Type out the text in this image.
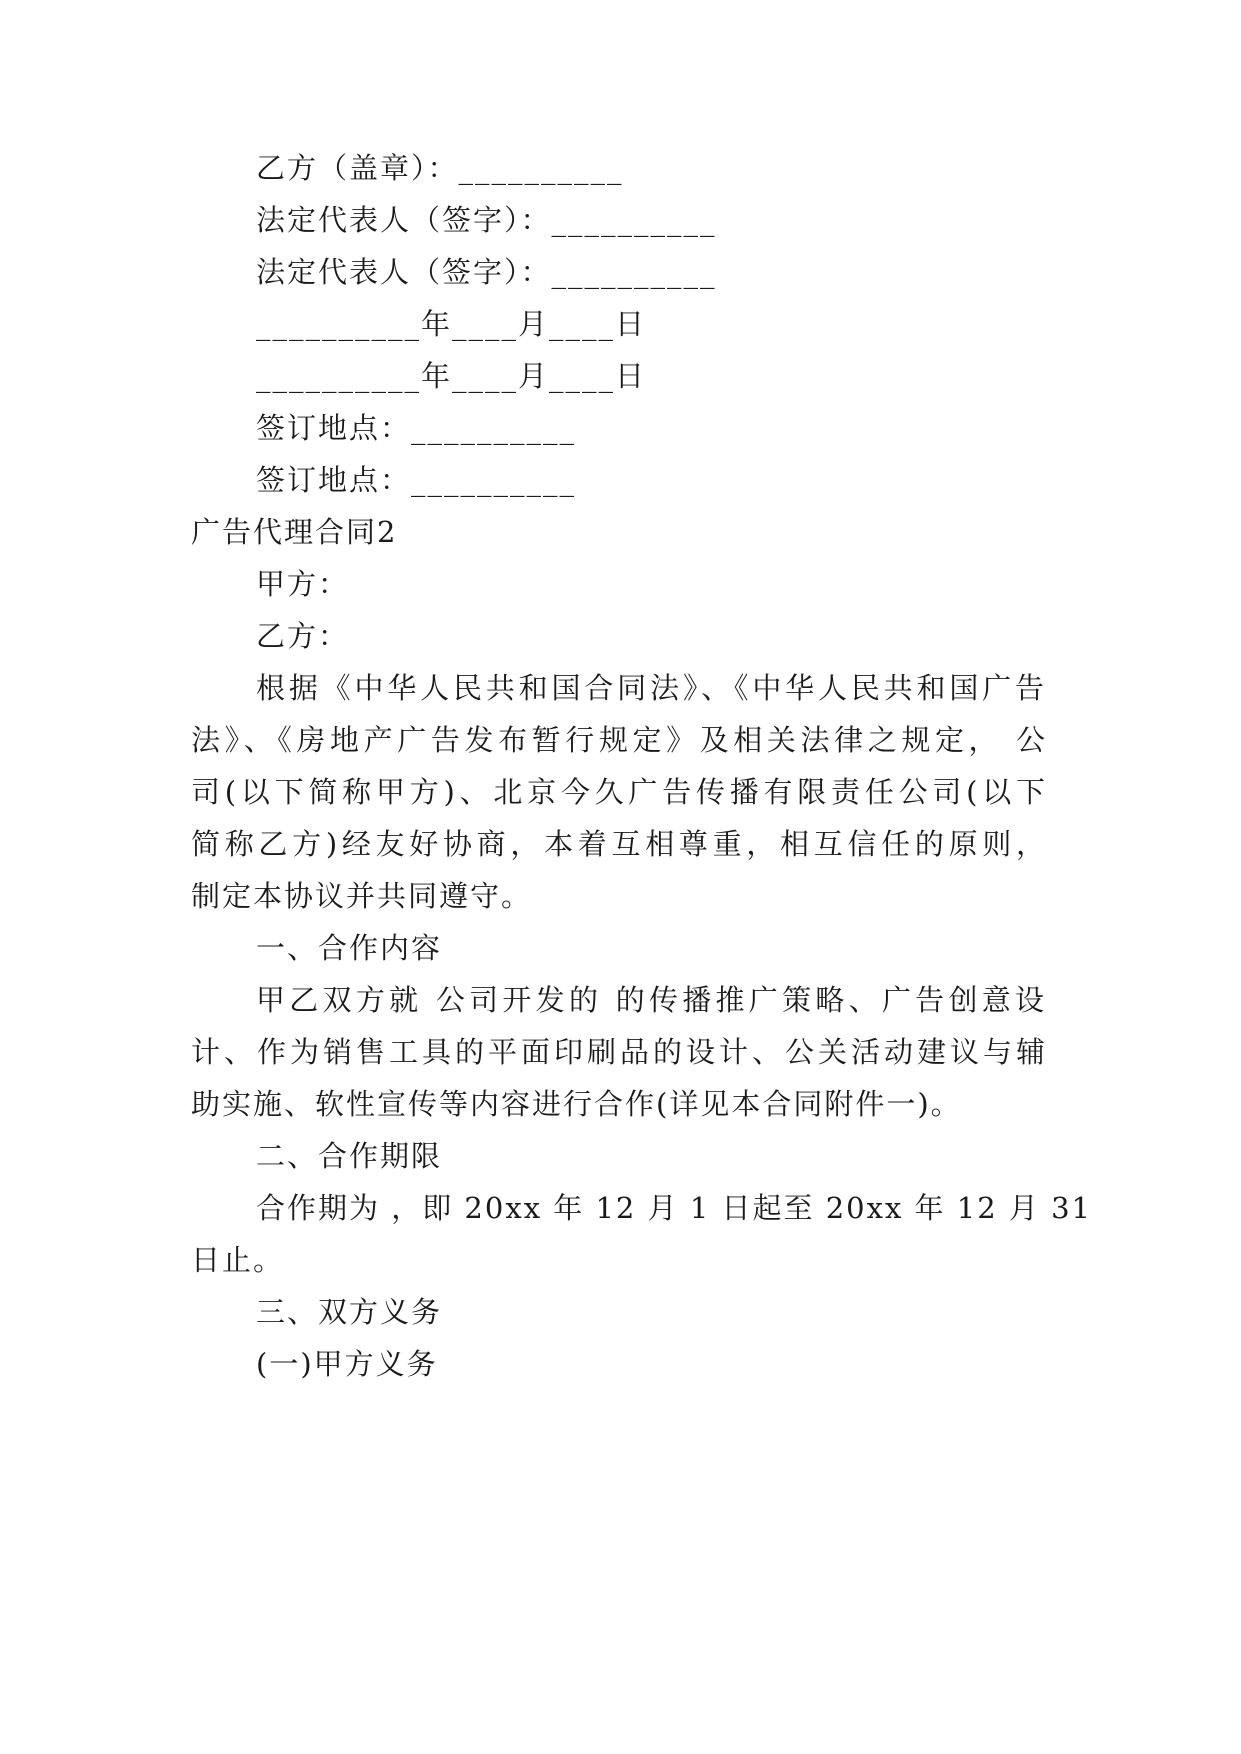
乙方（盖章）：__________
法定代表人（签字）：__________
法定代表人（签字）：__________
__________年____月____日
__________年____月____日
签订地点：__________
签订地点：__________
广告代理合同2
甲方：
乙方：
根据《中华人民共和国合同法》、《中华人民共和国广告
法》、《房地产广告发布暂行规定》及相关法律之规定， 公
司(以下简称甲方)、北京今久广告传播有限责任公司(以下
简称乙方)经友好协商，本着互相尊重，相互信任的原则，
制定本协议并共同遵守。
一、合作内容
甲乙双方就 公司开发的 的传播推广策略、广告创意设
计、作为销售工具的平面印刷品的设计、公关活动建议与辅
助实施、软性宣传等内容进行合作(详见本合同附件一)。
二、合作期限
合作期为 ，即 20xx 年 12 月 1 日起至 20xx 年 12 月 31
日止。
三、双方义务
(一)甲方义务
